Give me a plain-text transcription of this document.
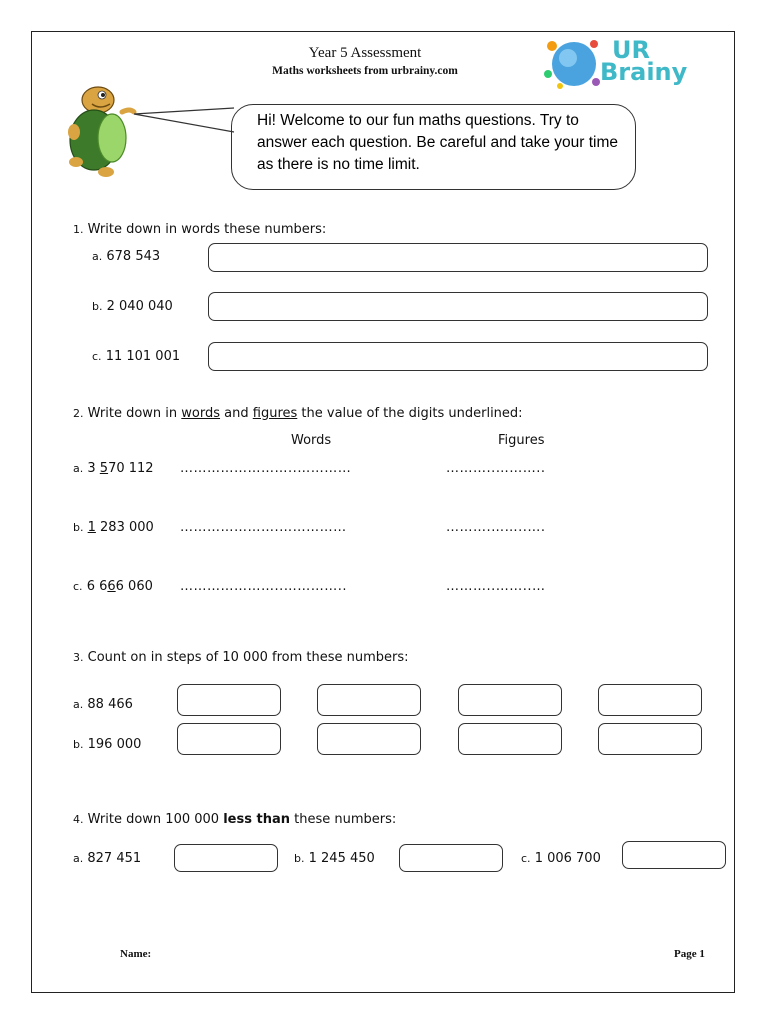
Year 5 Assessment
Maths worksheets from urbrainy.com
UR
Brainy
Hi! Welcome to our fun maths questions. Try to answer each question. Be careful and take your time as there is no time limit.
1. Write down in words these numbers:
a. 678 543
b. 2 040 040
c. 11 101 001
2. Write down in words and figures the value of the digits underlined:
Words	Figures
a. 3 570 112 ……………………..…………	………..………..
b. 1 283 000 ………………….……………	……….……..….
c. 6 666 060 …………………..…………..	………..……..…
3. Count on in steps of 10 000 from these numbers:
a. 88 466
b. 196 000
4. Write down 100 000 less than these numbers:
a. 827 451	b. 1 245 450	c. 1 006 700
Name:	Page 1
